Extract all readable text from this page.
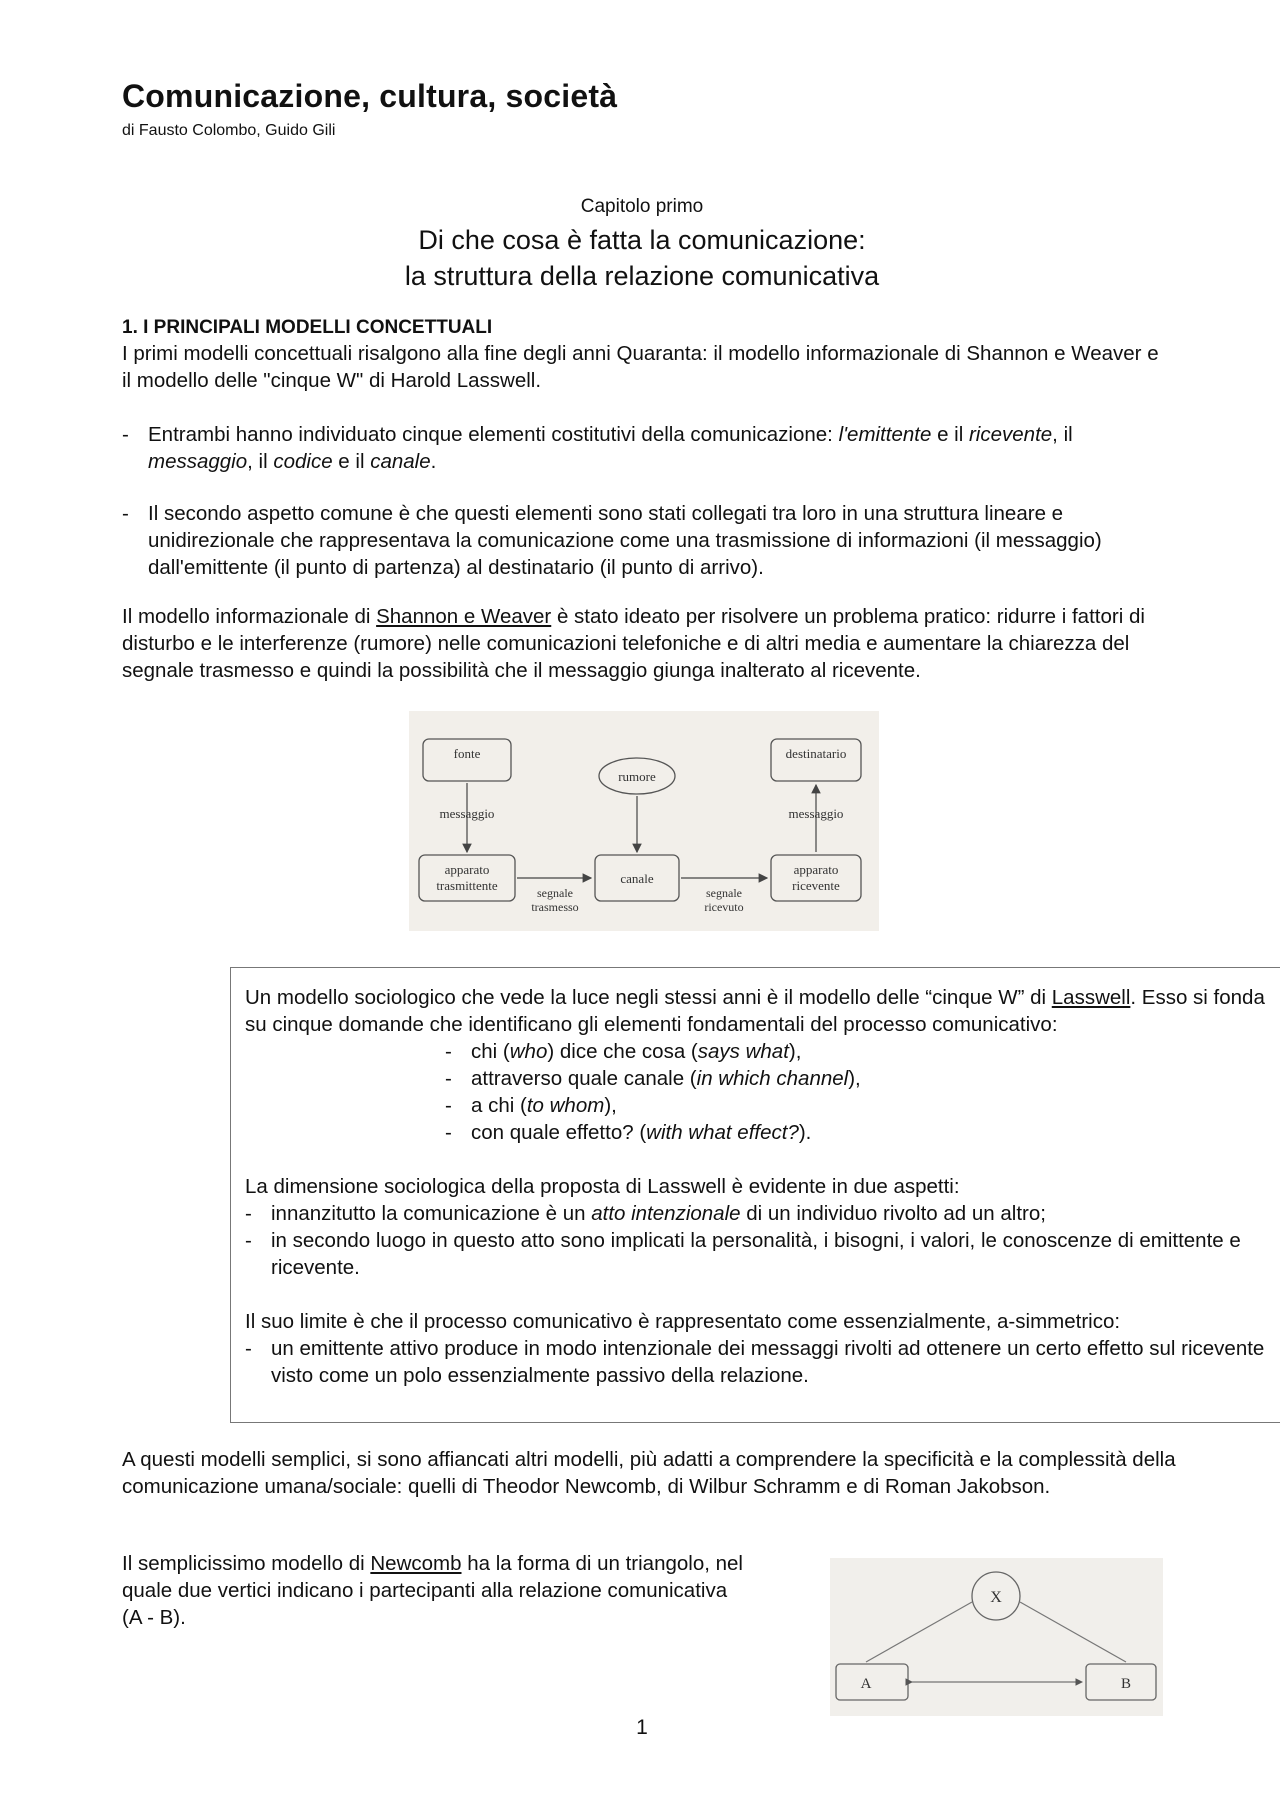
Comunicazione, cultura, società
di Fausto Colombo, Guido Gili
Capitolo primo
Di che cosa è fatta la comunicazione:
la struttura della relazione comunicativa
1. I PRINCIPALI MODELLI CONCETTUALI

I primi modelli concettuali risalgono alla fine degli anni Quaranta: il modello informazionale di Shannon e Weaver e il modello delle "cinque W" di Harold Lasswell.

- Entrambi hanno individuato cinque elementi costitutivi della comunicazione: l'emittente e il ricevente, il messaggio, il codice e il canale.
- Il secondo aspetto comune è che questi elementi sono stati collegati tra loro in una struttura lineare e unidirezionale che rappresentava la comunicazione come una trasmissione di informazioni (il messaggio) dall'emittente (il punto di partenza) al destinatario (il punto di arrivo).

Il modello informazionale di Shannon e Weaver è stato ideato per risolvere un problema pratico: ridurre i fattori di disturbo e le interferenze (rumore) nelle comunicazioni telefoniche e di altri media e aumentare la chiarezza del segnale trasmesso e quindi la possibilità che il messaggio giunga inalterato al ricevente.

Un modello sociologico che vede la luce negli stessi anni è il modello delle “cinque W” di Lasswell. Esso si fonda su cinque domande che identificano gli elementi fondamentali del processo comunicativo:

- chi (who) dice che cosa (says what),
- attraverso quale canale (in which channel),
- a chi (to whom),
- con quale effetto? (with what effect?).

La dimensione sociologica della proposta di Lasswell è evidente in due aspetti:

- innanzitutto la comunicazione è un atto intenzionale di un individuo rivolto ad un altro;
- in secondo luogo in questo atto sono implicati la personalità, i bisogni, i valori, le conoscenze di emittente e ricevente.

Il suo limite è che il processo comunicativo è rappresentato come essenzialmente, a-simmetrico:

- un emittente attivo produce in modo intenzionale dei messaggi rivolti ad ottenere un certo effetto sul ricevente visto come un polo essenzialmente passivo della relazione.

A questi modelli semplici, si sono affiancati altri modelli, più adatti a comprendere la specificità e la complessità della comunicazione umana/sociale: quelli di Theodor Newcomb, di Wilbur Schramm e di Roman Jakobson.

Il semplicissimo modello di Newcomb ha la forma di un triangolo, nel quale due vertici indicano i partecipanti alla relazione comunicativa (A - B).

1
fonte
rumore
destinatario
messaggio	messaggio
apparato
trasmittente	canale
apparato
ricevente
segnale
trasmesso
segnale
ricevuto
X
A	B
